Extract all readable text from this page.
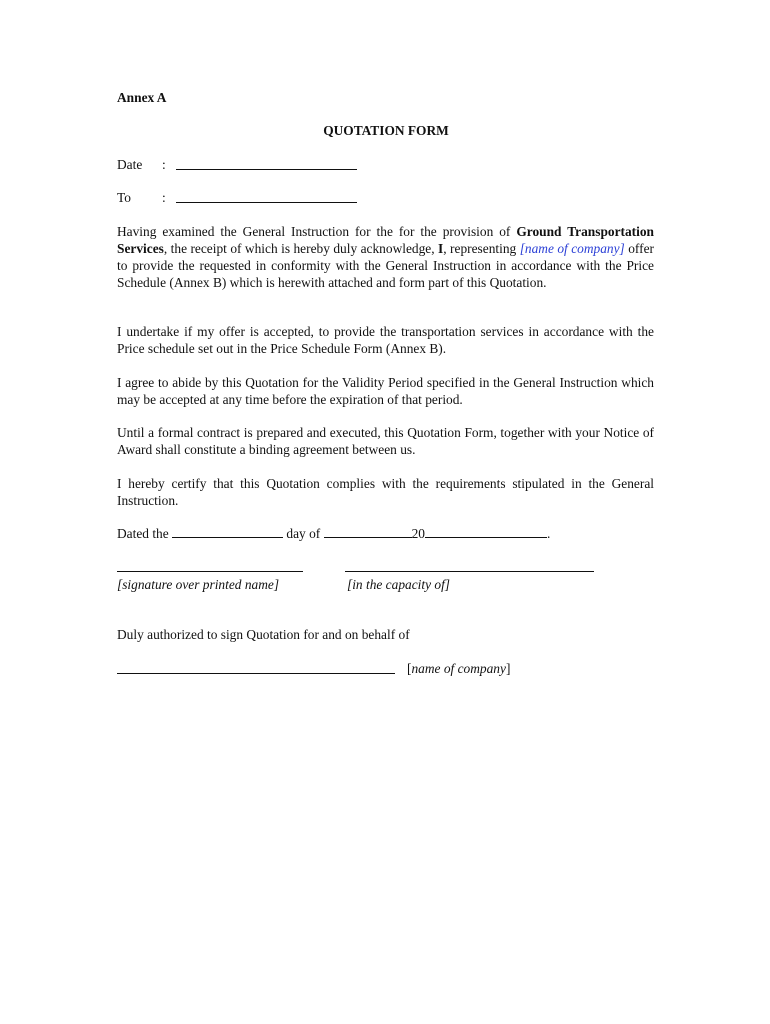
Annex A
QUOTATION FORM
Date :
To :
Having examined the General Instruction for the for the provision of Ground Transportation Services, the receipt of which is hereby duly acknowledge, I, representing [name of company] offer to provide the requested in conformity with the General Instruction in accordance with the Price Schedule (Annex B) which is herewith attached and form part of this Quotation.
I undertake if my offer is accepted, to provide the transportation services in accordance with the Price schedule set out in the Price Schedule Form (Annex B).
I agree to abide by this Quotation for the Validity Period specified in the General Instruction which may be accepted at any time before the expiration of that period.
Until a formal contract is prepared and executed, this Quotation Form, together with your Notice of Award shall constitute a binding agreement between us.
I hereby certify that this Quotation complies with the requirements stipulated in the General Instruction.
Dated the	day of	20	.
[signature over printed name]	[in the capacity of]
Duly authorized to sign Quotation for and on behalf of
[name of company]
